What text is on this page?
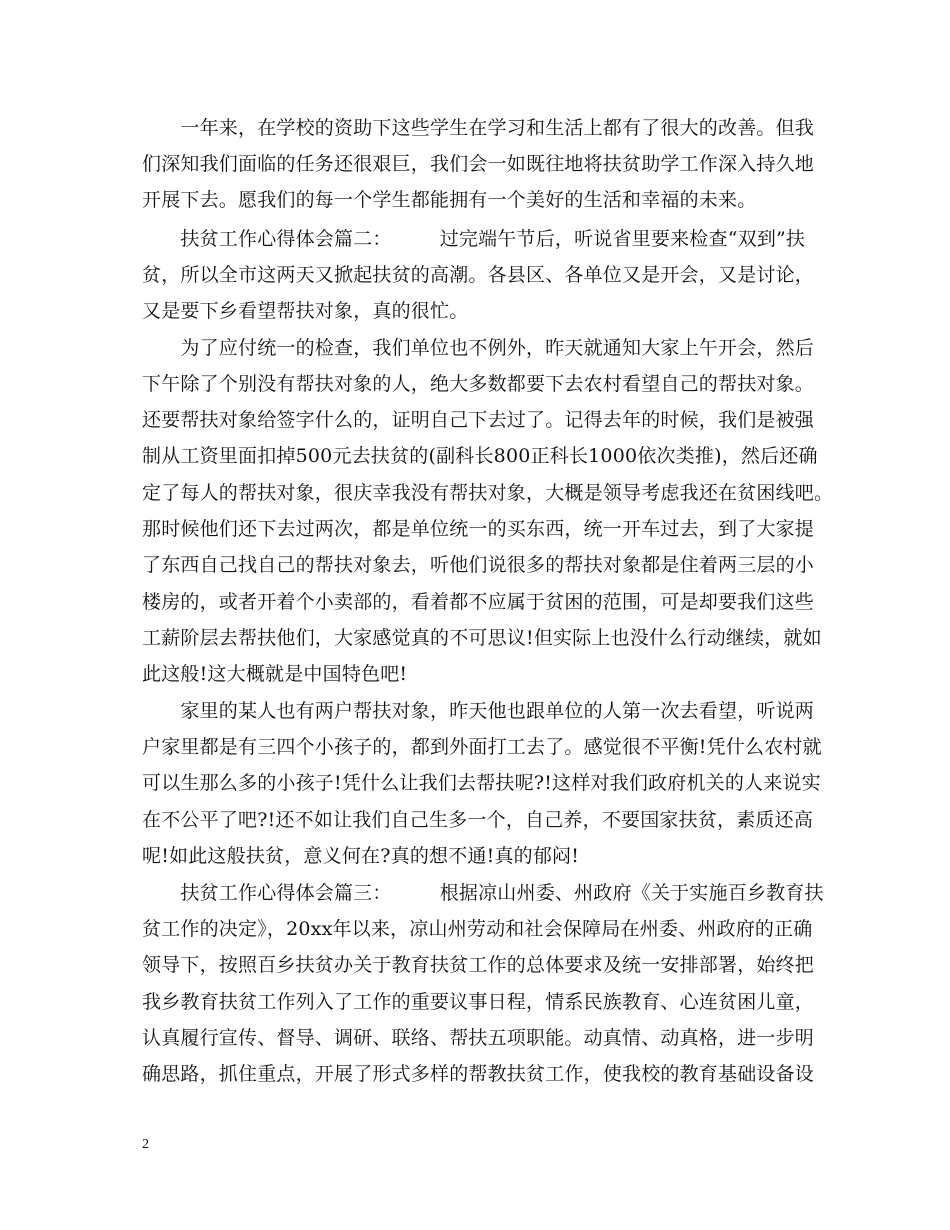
　　一年来，在学校的资助下这些学生在学习和生活上都有了很大的改善。但我
们深知我们面临的任务还很艰巨，我们会一如既往地将扶贫助学工作深入持久地
开展下去。愿我们的每一个学生都能拥有一个美好的生活和幸福的未来。
　　扶贫工作心得体会篇二：　　　过完端午节后，听说省里要来检查“双到”扶
贫，所以全市这两天又掀起扶贫的高潮。各县区、各单位又是开会，又是讨论，
又是要下乡看望帮扶对象，真的很忙。
　　为了应付统一的检查，我们单位也不例外，昨天就通知大家上午开会，然后
下午除了个别没有帮扶对象的人，绝大多数都要下去农村看望自己的帮扶对象。
还要帮扶对象给签字什么的，证明自己下去过了。记得去年的时候，我们是被强
制从工资里面扣掉500元去扶贫的(副科长800正科长1000依次类推)，然后还确
定了每人的帮扶对象，很庆幸我没有帮扶对象，大概是领导考虑我还在贫困线吧。
那时候他们还下去过两次，都是单位统一的买东西，统一开车过去，到了大家提
了东西自己找自己的帮扶对象去，听他们说很多的帮扶对象都是住着两三层的小
楼房的，或者开着个小卖部的，看着都不应属于贫困的范围，可是却要我们这些
工薪阶层去帮扶他们，大家感觉真的不可思议!但实际上也没什么行动继续，就如
此这般!这大概就是中国特色吧!
　　家里的某人也有两户帮扶对象，昨天他也跟单位的人第一次去看望，听说两
户家里都是有三四个小孩子的，都到外面打工去了。感觉很不平衡!凭什么农村就
可以生那么多的小孩子!凭什么让我们去帮扶呢?!这样对我们政府机关的人来说实
在不公平了吧?!还不如让我们自己生多一个，自己养，不要国家扶贫，素质还高
呢!如此这般扶贫，意义何在?真的想不通!真的郁闷!
　　扶贫工作心得体会篇三：　　　根据凉山州委、州政府《关于实施百乡教育扶
贫工作的决定》，20xx年以来，凉山州劳动和社会保障局在州委、州政府的正确
领导下，按照百乡扶贫办关于教育扶贫工作的总体要求及统一安排部署，始终把
我乡教育扶贫工作列入了工作的重要议事日程，情系民族教育、心连贫困儿童，
认真履行宣传、督导、调研、联络、帮扶五项职能。动真情、动真格，进一步明
确思路，抓住重点，开展了形式多样的帮教扶贫工作，使我校的教育基础设备设
2
